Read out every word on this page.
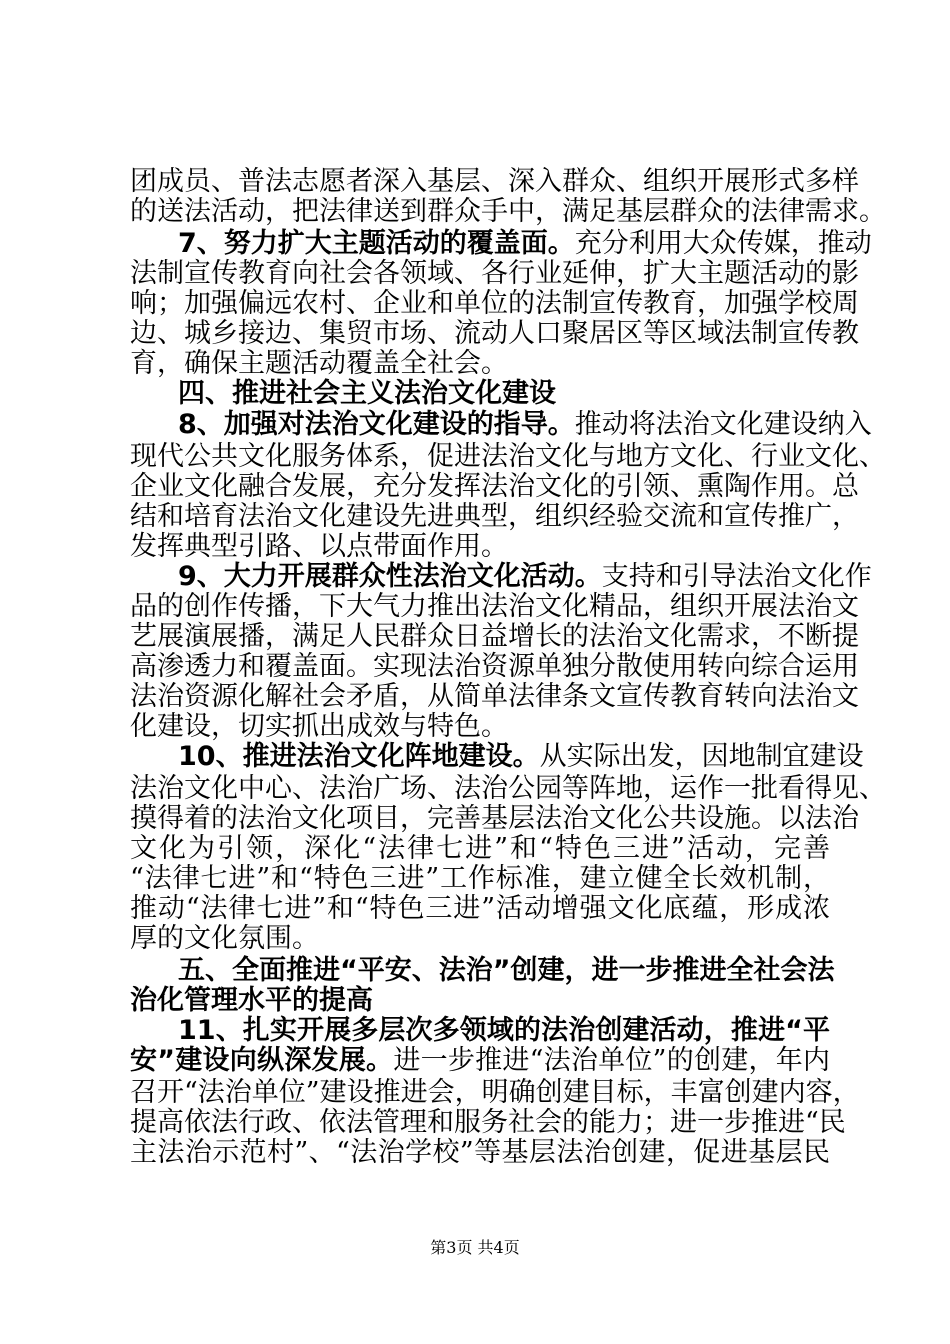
团成员、普法志愿者深入基层、深入群众、组织开展形式多样
的送法活动，把法律送到群众手中，满足基层群众的法律需求。
7、努力扩大主题活动的覆盖面。充分利用大众传媒，推动
法制宣传教育向社会各领域、各行业延伸，扩大主题活动的影
响；加强偏远农村、企业和单位的法制宣传教育，加强学校周
边、城乡接边、集贸市场、流动人口聚居区等区域法制宣传教
育，确保主题活动覆盖全社会。
四、推进社会主义法治文化建设
8、加强对法治文化建设的指导。推动将法治文化建设纳入
现代公共文化服务体系，促进法治文化与地方文化、行业文化、
企业文化融合发展，充分发挥法治文化的引领、熏陶作用。总
结和培育法治文化建设先进典型，组织经验交流和宣传推广，
发挥典型引路、以点带面作用。
9、大力开展群众性法治文化活动。支持和引导法治文化作
品的创作传播，下大气力推出法治文化精品，组织开展法治文
艺展演展播，满足人民群众日益增长的法治文化需求，不断提
高渗透力和覆盖面。实现法治资源单独分散使用转向综合运用
法治资源化解社会矛盾，从简单法律条文宣传教育转向法治文
化建设，切实抓出成效与特色。
10、推进法治文化阵地建设。从实际出发，因地制宜建设
法治文化中心、法治广场、法治公园等阵地，运作一批看得见、
摸得着的法治文化项目，完善基层法治文化公共设施。以法治
文化为引领，深化“法律七进”和“特色三进”活动，完善
“法律七进”和“特色三进”工作标准，建立健全长效机制，
推动“法律七进”和“特色三进”活动增强文化底蕴，形成浓
厚的文化氛围。
五、全面推进“平安、法治”创建，进一步推进全社会法
治化管理水平的提高
11、扎实开展多层次多领域的法治创建活动，推进“平
安”建设向纵深发展。进一步推进“法治单位”的创建，年内
召开“法治单位”建设推进会，明确创建目标，丰富创建内容，
提高依法行政、依法管理和服务社会的能力；进一步推进“民
主法治示范村”、“法治学校”等基层法治创建，促进基层民
第3页 共4页
